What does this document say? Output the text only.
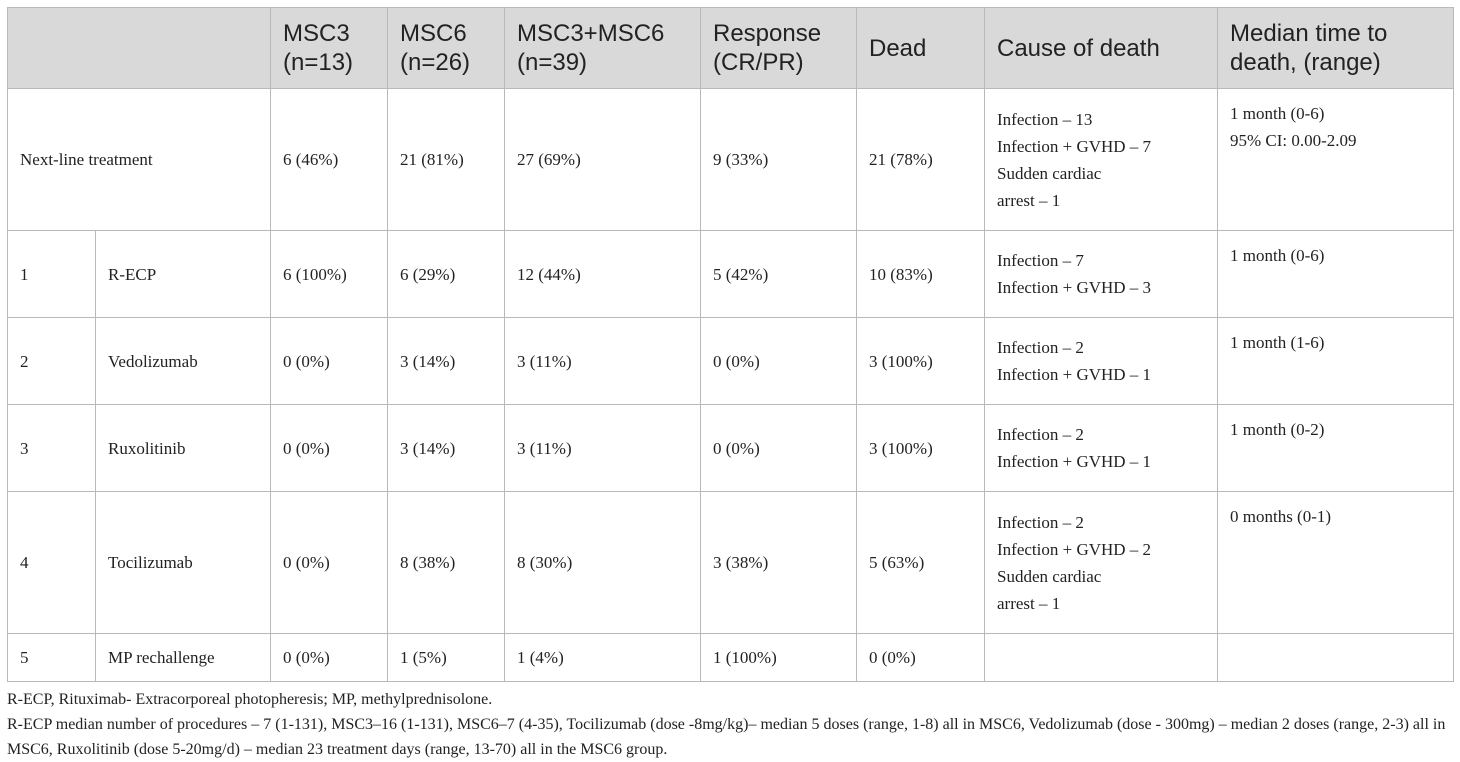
		MSC3 (n=13)	MSC6 (n=26)	MSC3+MSC6 (n=39)	Response (CR/PR)	Dead	Cause of death	Median time to death, (range)
Next-line treatment		6 (46%)	21 (81%)	27 (69%)	9 (33%)	21 (78%)	Infection – 13
Infection + GVHD – 7
Sudden cardiac
arrest – 1	1 month (0-6)
95% CI: 0.00-2.09
1	R-ECP	6 (100%)	6 (29%)	12 (44%)	5 (42%)	10 (83%)	Infection – 7
Infection + GVHD – 3	1 month (0-6)
2	Vedolizumab	0 (0%)	3 (14%)	3 (11%)	0 (0%)	3 (100%)	Infection – 2
Infection + GVHD – 1	1 month (1-6)
3	Ruxolitinib	0 (0%)	3 (14%)	3 (11%)	0 (0%)	3 (100%)	Infection – 2
Infection + GVHD – 1	1 month (0-2)
4	Tocilizumab	0 (0%)	8 (38%)	8 (30%)	3 (38%)	5 (63%)	Infection – 2
Infection + GVHD – 2
Sudden cardiac
arrest – 1	0 months (0-1)
5	MP rechallenge	0 (0%)	1 (5%)	1 (4%)	1 (100%)	0 (0%)		

R-ECP, Rituximab- Extracorporeal photopheresis; MP, methylprednisolone.

R-ECP median number of procedures – 7 (1-131), MSC3–16 (1-131), MSC6–7 (4-35), Tocilizumab (dose -8mg/kg)– median 5 doses (range, 1-8) all in MSC6, Vedolizumab (dose - 300mg) – median 2 doses (range, 2-3) all in MSC6, Ruxolitinib (dose 5-20mg/d) – median 23 treatment days (range, 13-70) all in the MSC6 group.
